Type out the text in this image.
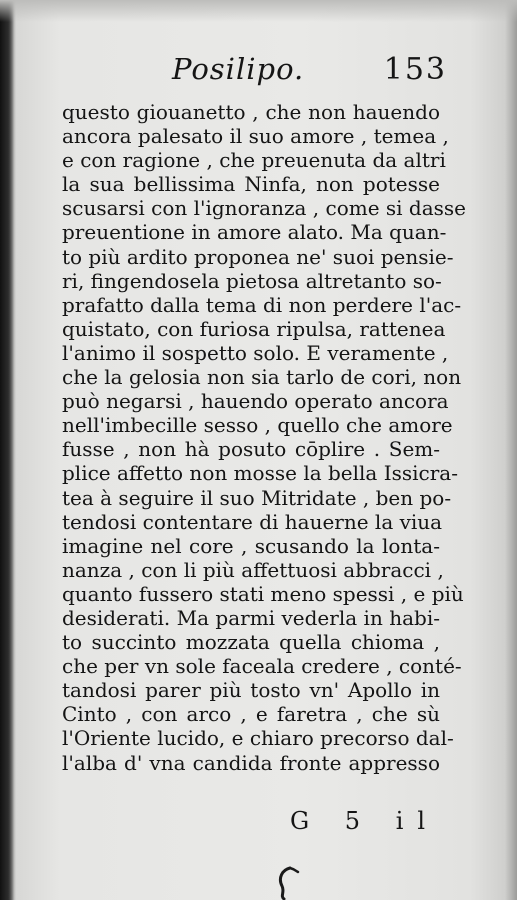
Posilipo.	153
questo giouanetto , che non hauendo
ancora palesato il suo amore , temea ,
e con ragione , che preuenuta da altri
la sua bellissima Ninfa, non potesse
scusarsi con l'ignoranza , come si dasse
preuentione in amore alato. Ma quan-
to più ardito proponea ne' suoi pensie-
ri, fingendosela pietosa altretanto so-
prafatto dalla tema di non perdere l'ac-
quistato, con furiosa ripulsa, rattenea
l'animo il sospetto solo. E veramente ,
che la gelosia non sia tarlo de cori, non
può negarsi , hauendo operato ancora
nell'imbecille sesso , quello che amore
fusse , non hà posuto cōplire . Sem-
plice affetto non mosse la bella Issicra-
tea à seguire il suo Mitridate , ben po-
tendosi contentare di hauerne la viua
imagine nel core , scusando la lonta-
nanza , con li più affettuosi abbracci ,
quanto fussero stati meno spessi , e più
desiderati. Ma parmi vederla in habi-
to succinto mozzata quella chioma ,
che per vn sole faceala credere , conté-
tandosi parer più tosto vn' Apollo in
Cinto , con arco , e faretra , che sù
l'Oriente lucido, e chiaro precorso dal-
l'alba d' vna candida fronte appresso
G 5 il
